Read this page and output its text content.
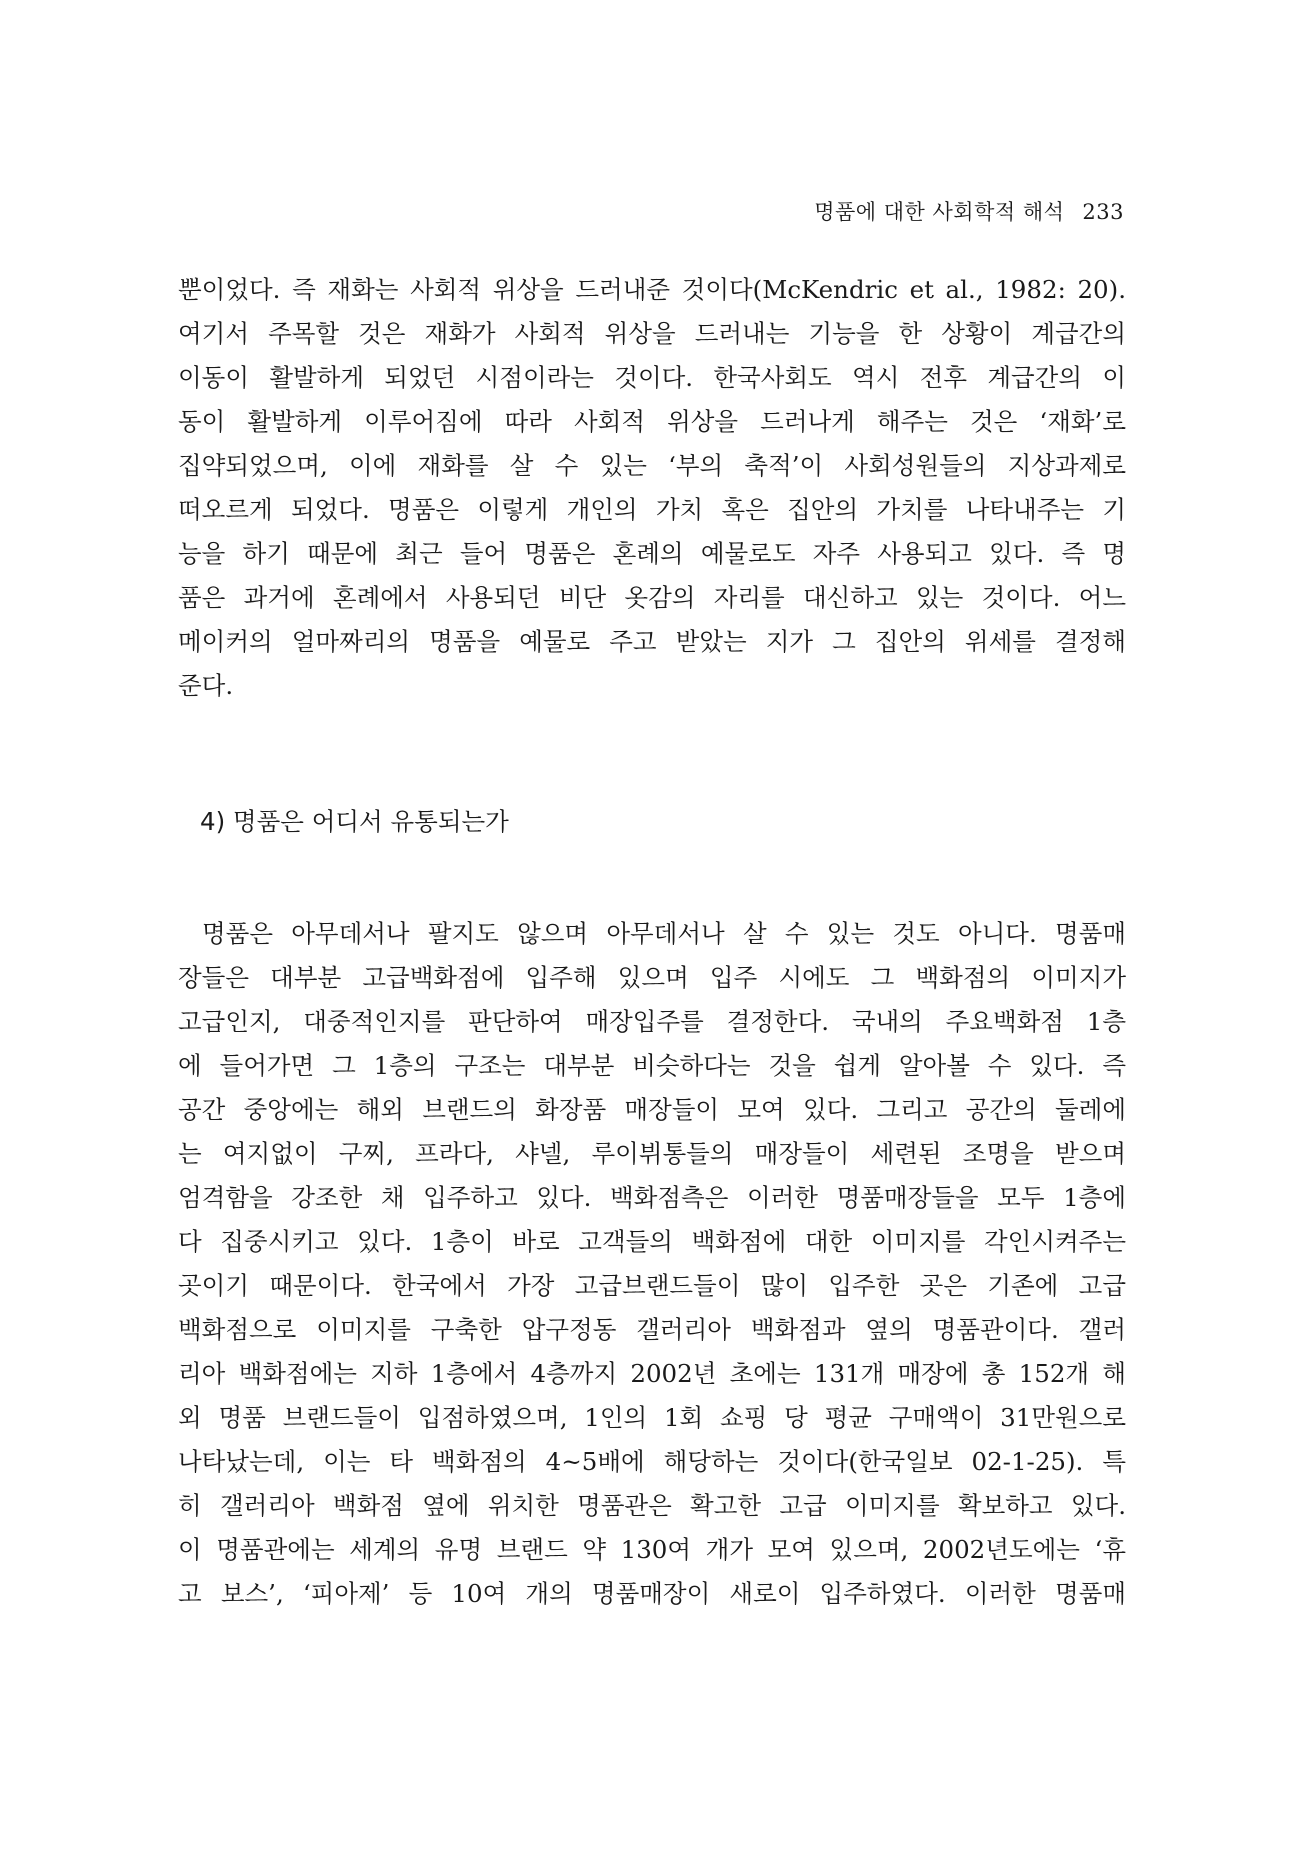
명품에 대한 사회학적 해석 233
뿐이었다. 즉 재화는 사회적 위상을 드러내준 것이다(McKendric et al., 1982: 20).
여기서 주목할 것은 재화가 사회적 위상을 드러내는 기능을 한 상황이 계급간의
이동이 활발하게 되었던 시점이라는 것이다. 한국사회도 역시 전후 계급간의 이
동이 활발하게 이루어짐에 따라 사회적 위상을 드러나게 해주는 것은 ‘재화’로
집약되었으며, 이에 재화를 살 수 있는 ‘부의 축적’이 사회성원들의 지상과제로
떠오르게 되었다. 명품은 이렇게 개인의 가치 혹은 집안의 가치를 나타내주는 기
능을 하기 때문에 최근 들어 명품은 혼례의 예물로도 자주 사용되고 있다. 즉 명
품은 과거에 혼례에서 사용되던 비단 옷감의 자리를 대신하고 있는 것이다. 어느
메이커의 얼마짜리의 명품을 예물로 주고 받았는 지가 그 집안의 위세를 결정해
준다.
4) 명품은 어디서 유통되는가
명품은 아무데서나 팔지도 않으며 아무데서나 살 수 있는 것도 아니다. 명품매
장들은 대부분 고급백화점에 입주해 있으며 입주 시에도 그 백화점의 이미지가
고급인지, 대중적인지를 판단하여 매장입주를 결정한다. 국내의 주요백화점 1층
에 들어가면 그 1층의 구조는 대부분 비슷하다는 것을 쉽게 알아볼 수 있다. 즉
공간 중앙에는 해외 브랜드의 화장품 매장들이 모여 있다. 그리고 공간의 둘레에
는 여지없이 구찌, 프라다, 샤넬, 루이뷔통들의 매장들이 세련된 조명을 받으며
엄격함을 강조한 채 입주하고 있다. 백화점측은 이러한 명품매장들을 모두 1층에
다 집중시키고 있다. 1층이 바로 고객들의 백화점에 대한 이미지를 각인시켜주는
곳이기 때문이다. 한국에서 가장 고급브랜드들이 많이 입주한 곳은 기존에 고급
백화점으로 이미지를 구축한 압구정동 갤러리아 백화점과 옆의 명품관이다. 갤러
리아 백화점에는 지하 1층에서 4층까지 2002년 초에는 131개 매장에 총 152개 해
외 명품 브랜드들이 입점하였으며, 1인의 1회 쇼핑 당 평균 구매액이 31만원으로
나타났는데, 이는 타 백화점의 4~5배에 해당하는 것이다(한국일보 02-1-25). 특
히 갤러리아 백화점 옆에 위치한 명품관은 확고한 고급 이미지를 확보하고 있다.
이 명품관에는 세계의 유명 브랜드 약 130여 개가 모여 있으며, 2002년도에는 ‘휴
고 보스’, ‘피아제’ 등 10여 개의 명품매장이 새로이 입주하였다. 이러한 명품매
